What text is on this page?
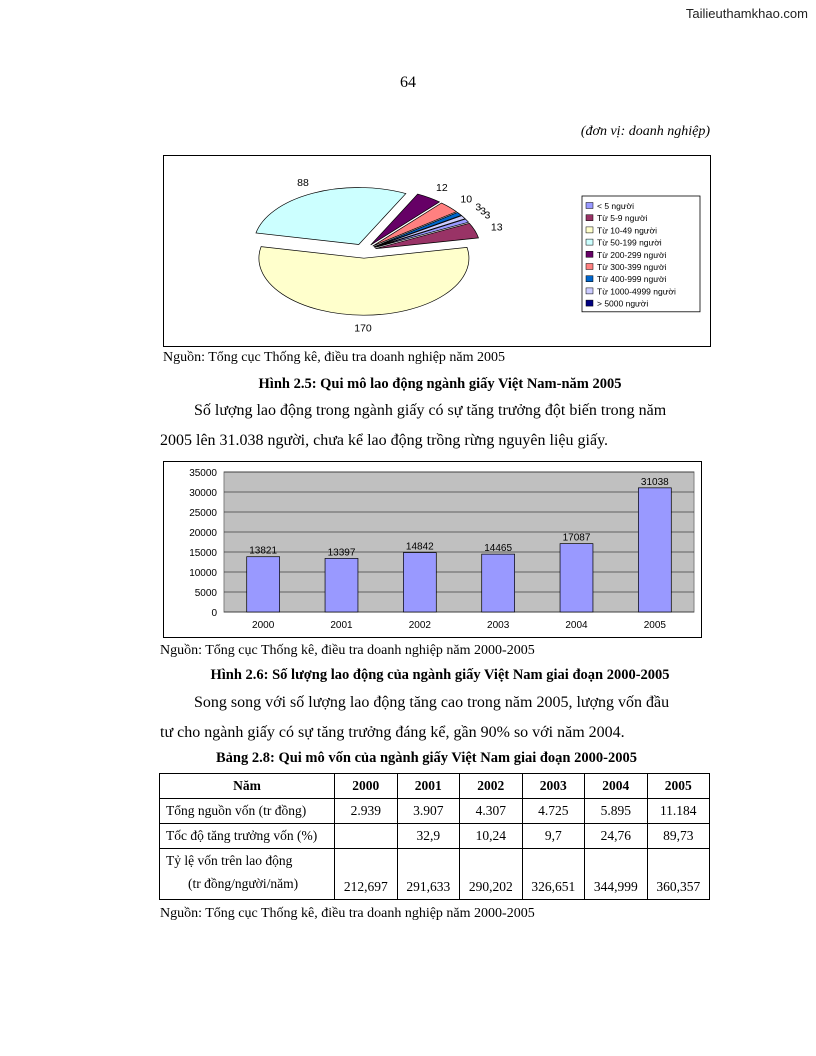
Tailieuthamkhao.com
64
(đơn vị: doanh nghiệp)
3
13
170
88	12
10
3
3	< 5 người
Từ 5-9 người
Từ 10-49 người
Từ 50-199 người
Từ 200-299 người
Từ 300-399 người
Từ 400-999 người
Từ 1000-4999 người
> 5000 người
Nguồn: Tổng cục Thống kê, điều tra doanh nghiệp năm 2005
Hình 2.5: Qui mô lao động ngành giấy Việt Nam-năm 2005
Số lượng lao động trong ngành giấy có sự tăng trưởng đột biến trong năm
2005 lên 31.038 người, chưa kể lao động trồng rừng nguyên liệu giấy.
0
5000
10000
15000
20000
25000
30000
35000
13821	13397
14842	14465
17087
31038
2000	2001	2002	2003	2004	2005
Nguồn: Tổng cục Thống kê, điều tra doanh nghiệp năm 2000-2005
Hình 2.6: Số lượng lao động của ngành giấy Việt Nam giai đoạn 2000-2005
Song song với số lượng lao động tăng cao trong năm 2005, lượng vốn đầu
tư cho ngành giấy có sự tăng trưởng đáng kể, gần 90% so với năm 2004.
Bảng 2.8: Qui mô vốn của ngành giấy Việt Nam giai đoạn 2000-2005
Năm	2000	2001	2002	2003	2004	2005
Tổng nguồn vốn (tr đồng)	2.939	3.907	4.307	4.725	5.895	11.184
Tốc độ tăng trưởng vốn (%)		32,9	10,24	9,7	24,76	89,73

Tỷ lệ vốn trên lao động
(tr đồng/người/năm)	212,697	291,633	290,202	326,651	344,999	360,357
Nguồn: Tổng cục Thống kê, điều tra doanh nghiệp năm 2000-2005
